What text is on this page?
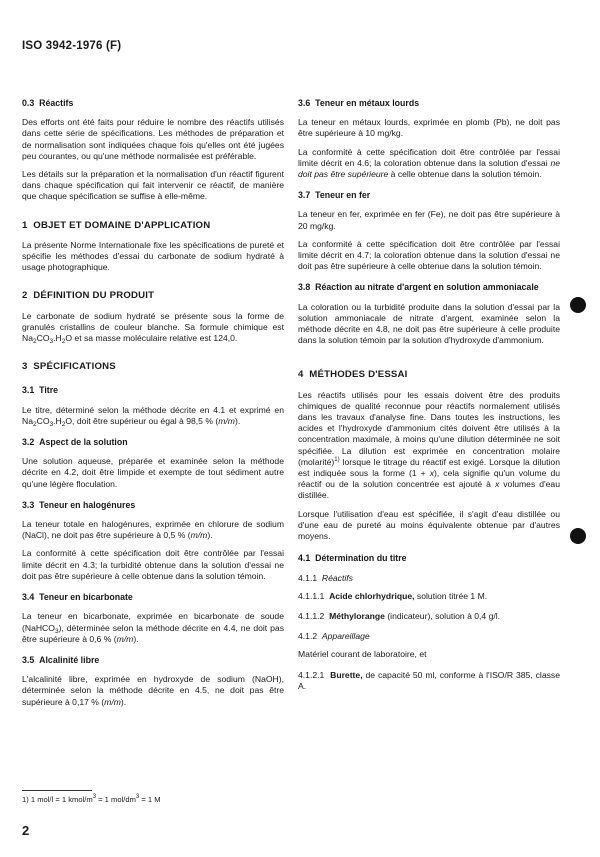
ISO 3942-1976 (F)
0.3 Réactifs

Des efforts ont été faits pour réduire le nombre des réactifs utilisés dans cette série de spécifications. Les méthodes de préparation et de normalisation sont indiquées chaque fois qu'elles ont été jugées peu courantes, ou qu'une méthode normalisée est préférable.

Les détails sur la préparation et la normalisation d'un réactif figurent dans chaque spécification qui fait intervenir ce réactif, de manière que chaque spécification se suffise à elle-même.

1 OBJET ET DOMAINE D'APPLICATION

La présente Norme Internationale fixe les spécifications de pureté et spécifie les méthodes d'essai du carbonate de sodium hydraté à usage photographique.

2 DÉFINITION DU PRODUIT

Le carbonate de sodium hydraté se présente sous la forme de granulés cristallins de couleur blanche. Sa formule chimique est $Na_2CO_3.H_2O$ et sa masse moléculaire relative est 124,0.

3 SPÉCIFICATIONS
3.1 Titre

Le titre, déterminé selon la méthode décrite en 4.1 et exprimé en $Na_2CO_3.H_2O$, doit être supérieur ou égal à 98,5 % (m/m).

3.2 Aspect de la solution

Une solution aqueuse, préparée et examinée selon la méthode décrite en 4.2, doit être limpide et exempte de tout sédiment autre qu'une légère floculation.

3.3 Teneur en halogénures

La teneur totale en halogénures, exprimée en chlorure de sodium (NaCl), ne doit pas être supérieure à 0,5 % (m/m).

La conformité à cette spécification doit être contrôlée par l'essai limite décrit en 4.3; la turbidité obtenue dans la solution d'essai ne doit pas être supérieure à celle obtenue dans la solution témoin.

3.4 Teneur en bicarbonate

La teneur en bicarbonate, exprimée en bicarbonate de soude (NaHCO$_3$), déterminée selon la méthode décrite en 4.4, ne doit pas être supérieure à 0,6 % (m/m).

3.5 Alcalinité libre

L'alcalinité libre, exprimée en hydroxyde de sodium (NaOH), déterminée selon la méthode décrite en 4.5, ne doit pas être supérieure à 0,17 % (m/m).

1) 1 mol/l = 1 kmol/$m^3 = 1$ mol/$dm^3 = 1$ M
2
3.6 Teneur en métaux lourds

La teneur en métaux lourds, exprimée en plomb (Pb), ne doit pas être supérieure à 10 mg/kg.

La conformité à cette spécification doit être contrôlée par l'essai limite décrit en 4.6; la coloration obtenue dans la solution d'essai ne doit pas être supérieure à celle obtenue dans la solution témoin.

3.7 Teneur en fer

La teneur en fer, exprimée en fer (Fe), ne doit pas être supérieure à 20 mg/kg.

La conformité à cette spécification doit être contrôlée par l'essai limite décrit en 4.7; la coloration obtenue dans la solution d'essai ne doit pas être supérieure à celle obtenue dans la solution témoin.

3.8 Réaction au nitrate d'argent en solution ammoniacale

La coloration ou la turbidité produite dans la solution d'essai par la solution ammoniacale de nitrate d'argent, examinée selon la méthode décrite en 4.8, ne doit pas être supérieure à celle produite dans la solution témoin par la solution d'hydroxyde d'ammonium.

4 MÉTHODES D'ESSAI

Les réactifs utilisés pour les essais doivent être des produits chimiques de qualité reconnue pour réactifs normalement utilisés dans les travaux d'analyse fine. Dans toutes les instructions, les acides et l'hydroxyde d'ammonium cités doivent être utilisés à la concentration maximale, à moins qu'une dilution déterminée ne soit spécifiée. La dilution est exprimée en concentration molaire (molarité)$^{1)}$ lorsque le titrage du réactif est exigé. Lorsque la dilution est indiquée sous la forme (1 + x), cela signifie qu'un volume du réactif ou de la solution concentrée est ajouté à x volumes d'eau distillée.

Lorsque l'utilisation d'eau est spécifiée, il s'agit d'eau distillée ou d'une eau de pureté au moins équivalente obtenue par d'autres moyens.

4.1 Détermination du titre
4.1.1 Réactifs
4.1.1.1 Acide chlorhydrique, solution titrée 1 M.
4.1.1.2 Méthylorange (indicateur), solution à 0,4 g/l.
4.1.2 Appareillage

Matériel courant de laboratoire, et

4.1.2.1 Burette, de capacité 50 ml, conforme à l'ISO/R 385, classe A.
